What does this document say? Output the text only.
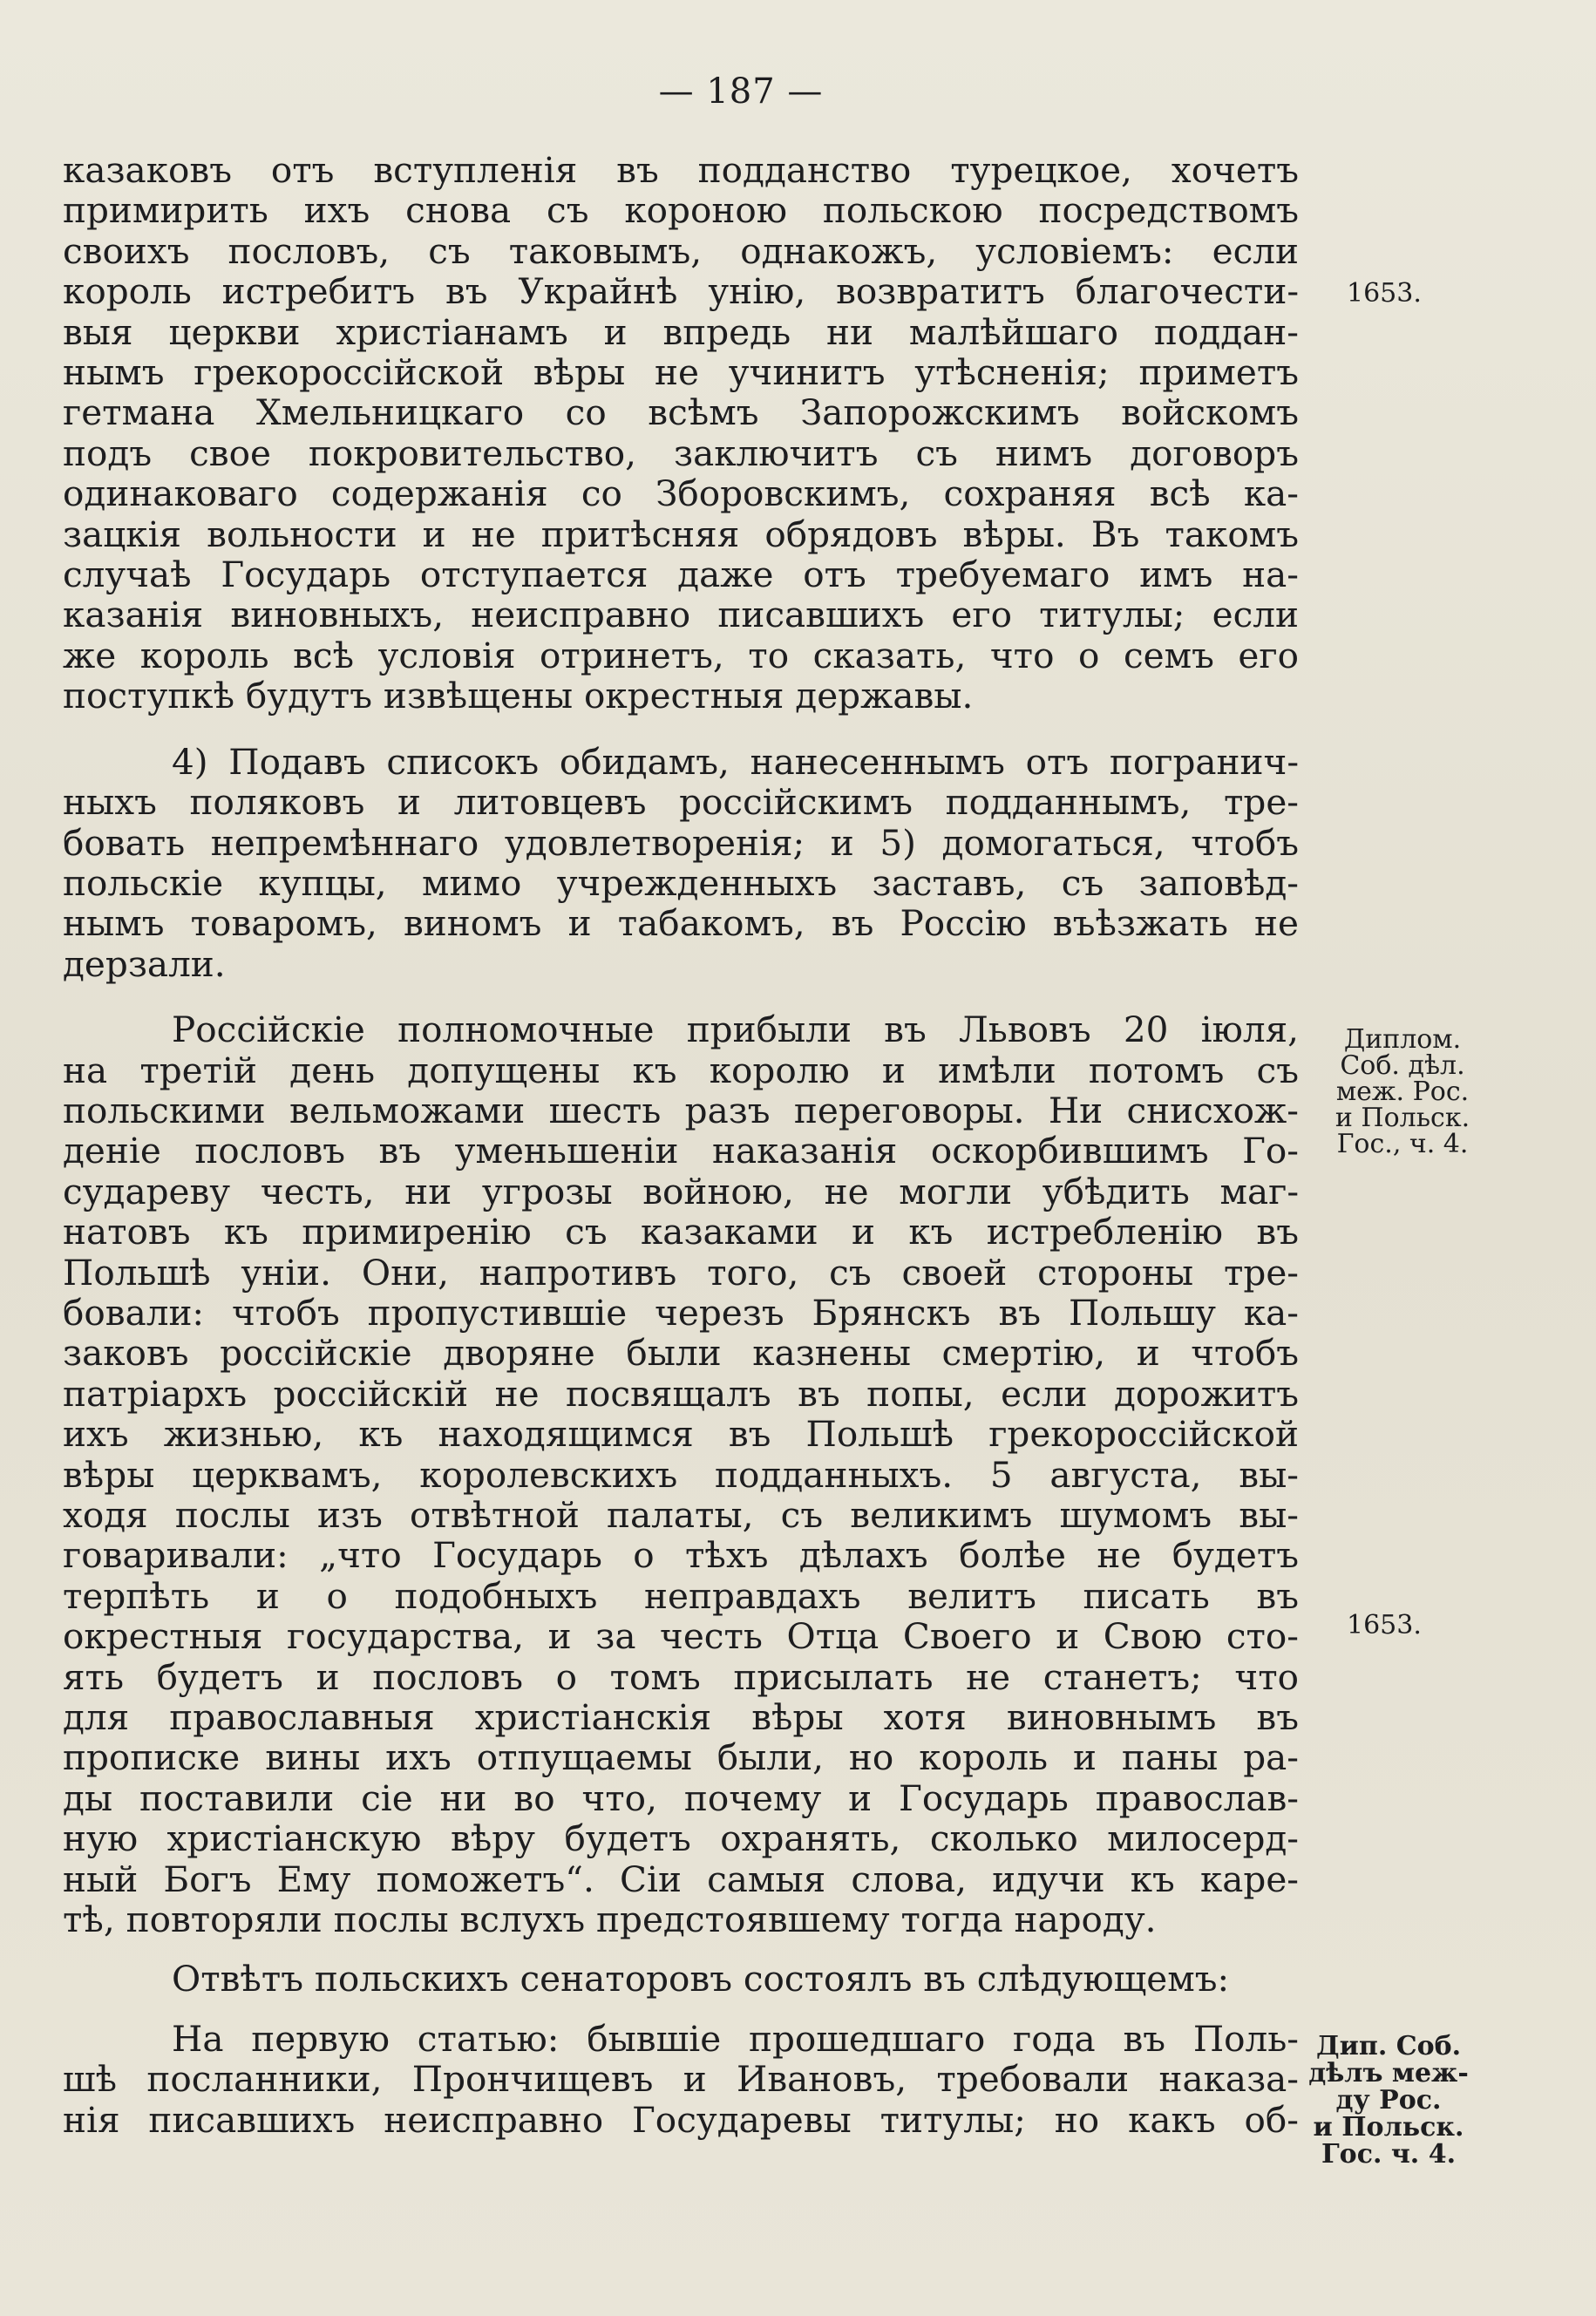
— 187 —

казаковъ отъ вступленія въ подданство турецкое, хочетъ

примирить ихъ снова съ короною польскою посредствомъ

своихъ пословъ, съ таковымъ, однакожъ, условіемъ: если

король истребитъ въ Украйнѣ унію, возвратитъ благочести-

выя церкви христіанамъ и впредь ни малѣйшаго поддан-

нымъ грекороссійской вѣры не учинитъ утѣсненія; приметъ

гетмана Хмельницкаго со всѣмъ Запорожскимъ войскомъ

подъ свое покровительство, заключитъ съ нимъ договоръ

одинаковаго содержанія со Зборовскимъ, сохраняя всѣ ка-

зацкія вольности и не притѣсняя обрядовъ вѣры. Въ такомъ

случаѣ Государь отступается даже отъ требуемаго имъ на-

казанія виновныхъ, неисправно писавшихъ его титулы; если

же король всѣ условія отринетъ, то сказать, что о семъ его

поступкѣ будутъ извѣщены окрестныя державы.

4) Подавъ списокъ обидамъ, нанесеннымъ отъ погранич-

ныхъ поляковъ и литовцевъ россійскимъ подданнымъ, тре-

бовать непремѣннаго удовлетворенія; и 5) домогаться, чтобъ

польскіе купцы, мимо учрежденныхъ заставъ, съ заповѣд-

нымъ товаромъ, виномъ и табакомъ, въ Россію въѣзжать не

дерзали.

Россійскіе полномочные прибыли въ Львовъ 20 іюля,

на третій день допущены къ королю и имѣли потомъ съ

польскими вельможами шесть разъ переговоры. Ни снисхож-

деніе пословъ въ уменьшеніи наказанія оскорбившимъ Го-

судареву честь, ни угрозы войною, не могли убѣдить маг-

натовъ къ примиренію съ казаками и къ истребленію въ

Польшѣ уніи. Они, напротивъ того, съ своей стороны тре-

бовали: чтобъ пропустившіе черезъ Брянскъ въ Польшу ка-

заковъ россійскіе дворяне были казнены смертію, и чтобъ

патріархъ россійскій не посвящалъ въ попы, если дорожитъ

ихъ жизнью, къ находящимся въ Польшѣ грекороссійской

вѣры церквамъ, королевскихъ подданныхъ. 5 августа, вы-

ходя послы изъ отвѣтной палаты, съ великимъ шумомъ вы-

говаривали: „что Государь о тѣхъ дѣлахъ болѣе не будетъ

терпѣть и о подобныхъ неправдахъ велитъ писать въ

окрестныя государства, и за честь Отца Своего и Свою сто-

ять будетъ и пословъ о томъ присылать не станетъ; что

для православныя христіанскія вѣры хотя виновнымъ въ

прописке вины ихъ отпущаемы были, но король и паны ра-

ды поставили сіе ни во что, почему и Государь православ-

ную христіанскую вѣру будетъ охранять, сколько милосерд-

ный Богъ Ему поможетъ“. Сіи самыя слова, идучи къ каре-

тѣ, повторяли послы вслухъ предстоявшему тогда народу.

Отвѣтъ польскихъ сенаторовъ состоялъ въ слѣдующемъ:

На первую статью: бывшіе прошедшаго года въ Поль-

шѣ посланники, Прончищевъ и Ивановъ, требовали наказа-

нія писавшихъ неисправно Государевы титулы; но какъ об-

1653.
Диплом.
Соб. дѣл.
меж. Рос.
и Польск.
Гос., ч. 4.
1653.
Дип. Соб.
дѣлъ меж-
ду Рос.
и Польск.
Гос. ч. 4.
